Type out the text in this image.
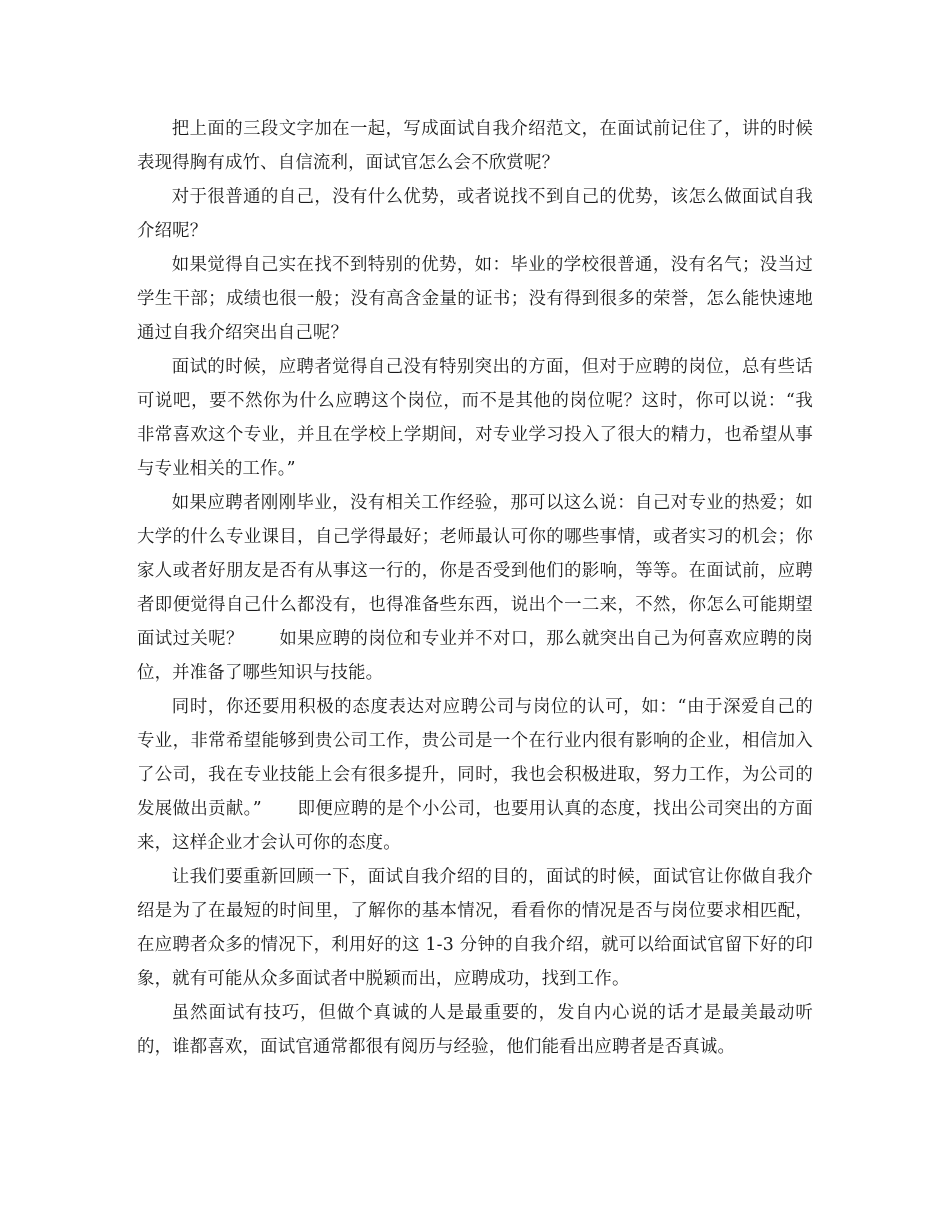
把上面的三段文字加在一起，写成面试自我介绍范文，在面试前记住了，讲的时候表现得胸有成竹、自信流利，面试官怎么会不欣赏呢？

对于很普通的自己，没有什么优势，或者说找不到自己的优势，该怎么做面试自我介绍呢？

如果觉得自己实在找不到特别的优势，如：毕业的学校很普通，没有名气；没当过学生干部；成绩也很一般；没有高含金量的证书；没有得到很多的荣誉，怎么能快速地通过自我介绍突出自己呢？

面试的时候，应聘者觉得自己没有特别突出的方面，但对于应聘的岗位，总有些话可说吧，要不然你为什么应聘这个岗位，而不是其他的岗位呢？这时，你可以说：“我非常喜欢这个专业，并且在学校上学期间，对专业学习投入了很大的精力，也希望从事与专业相关的工作。”

如果应聘者刚刚毕业，没有相关工作经验，那可以这么说：自己对专业的热爱；如大学的什么专业课目，自己学得最好；老师最认可你的哪些事情，或者实习的机会；你家人或者好朋友是否有从事这一行的，你是否受到他们的影响，等等。在面试前，应聘者即便觉得自己什么都没有，也得准备些东西，说出个一二来，不然，你怎么可能期望面试过关呢？　　如果应聘的岗位和专业并不对口，那么就突出自己为何喜欢应聘的岗位，并准备了哪些知识与技能。

同时，你还要用积极的态度表达对应聘公司与岗位的认可，如：“由于深爱自己的专业，非常希望能够到贵公司工作，贵公司是一个在行业内很有影响的企业，相信加入了公司，我在专业技能上会有很多提升，同时，我也会积极进取，努力工作，为公司的发展做出贡献。”　　即便应聘的是个小公司，也要用认真的态度，找出公司突出的方面来，这样企业才会认可你的态度。

让我们要重新回顾一下，面试自我介绍的目的，面试的时候，面试官让你做自我介绍是为了在最短的时间里，了解你的基本情况，看看你的情况是否与岗位要求相匹配，在应聘者众多的情况下，利用好的这 1-3 分钟的自我介绍，就可以给面试官留下好的印象，就有可能从众多面试者中脱颖而出，应聘成功，找到工作。

虽然面试有技巧，但做个真诚的人是最重要的，发自内心说的话才是最美最动听的，谁都喜欢，面试官通常都很有阅历与经验，他们能看出应聘者是否真诚。
